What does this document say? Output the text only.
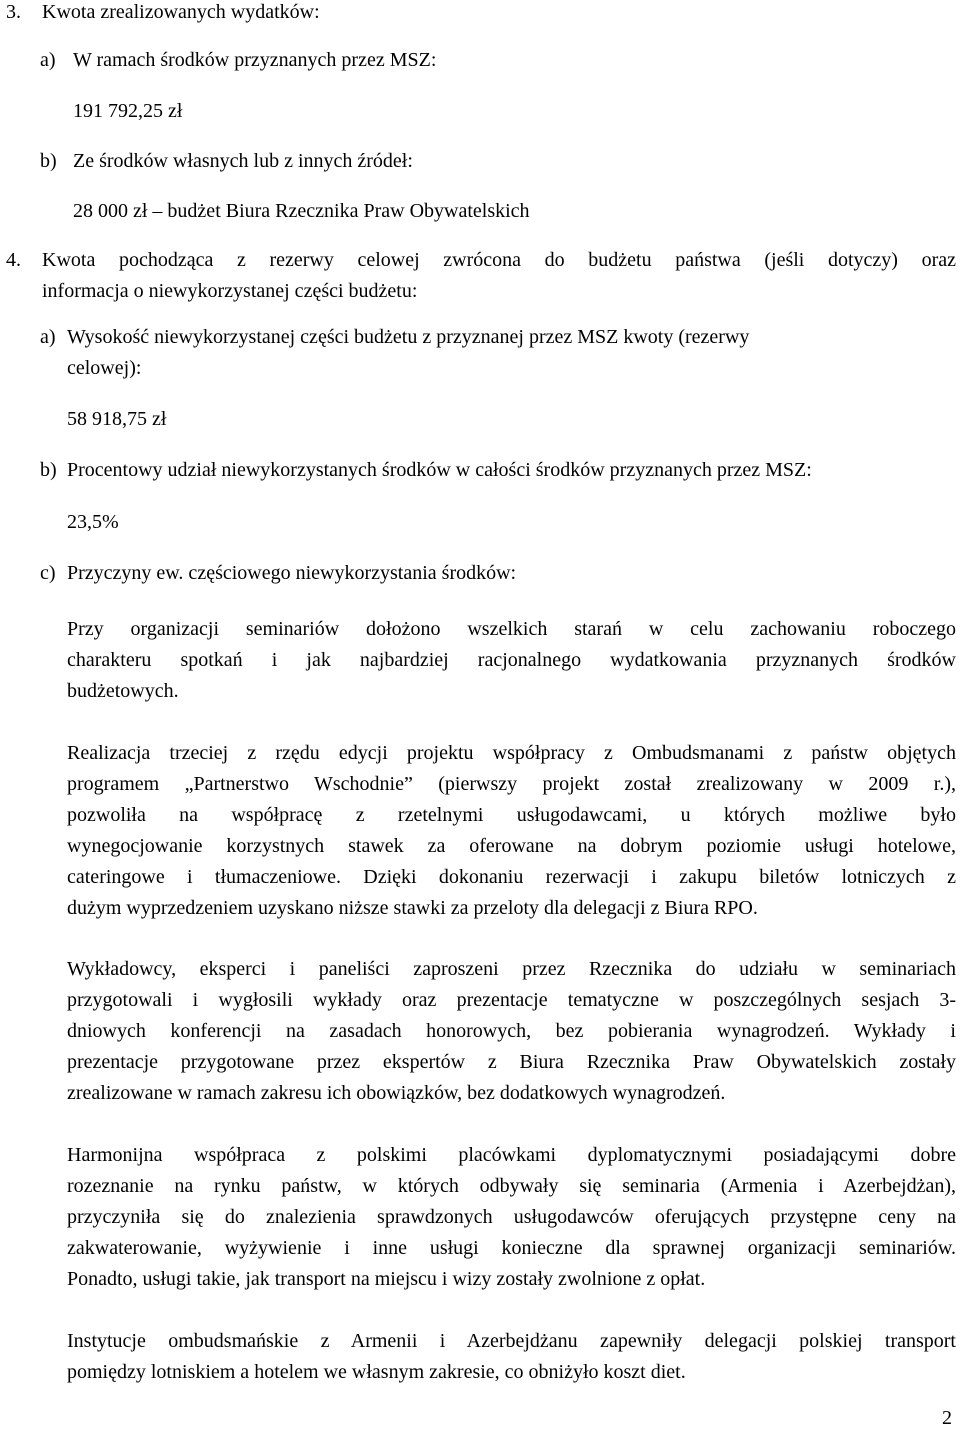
3. Kwota zrealizowanych wydatków:
a) W ramach środków przyznanych przez MSZ:
191 792,25 zł
b) Ze środków własnych lub z innych źródeł:
28 000 zł – budżet Biura Rzecznika Praw Obywatelskich
4. Kwota pochodząca z rezerwy celowej zwrócona do budżetu państwa (jeśli dotyczy) oraz
informacja o niewykorzystanej części budżetu:
a) Wysokość niewykorzystanej części budżetu z przyznanej przez MSZ kwoty (rezerwy
celowej):
58 918,75 zł
b) Procentowy udział niewykorzystanych środków w całości środków przyznanych przez MSZ:
23,5%
c) Przyczyny ew. częściowego niewykorzystania środków:
Przy organizacji seminariów dołożono wszelkich starań w celu zachowaniu roboczego
charakteru spotkań i jak najbardziej racjonalnego wydatkowania przyznanych środków
budżetowych.
Realizacja trzeciej z rzędu edycji projektu współpracy z Ombudsmanami z państw objętych
programem „Partnerstwo Wschodnie” (pierwszy projekt został zrealizowany w 2009 r.),
pozwoliła na współpracę z rzetelnymi usługodawcami, u których możliwe było
wynegocjowanie korzystnych stawek za oferowane na dobrym poziomie usługi hotelowe,
cateringowe i tłumaczeniowe. Dzięki dokonaniu rezerwacji i zakupu biletów lotniczych z
dużym wyprzedzeniem uzyskano niższe stawki za przeloty dla delegacji z Biura RPO.
Wykładowcy, eksperci i paneliści zaproszeni przez Rzecznika do udziału w seminariach
przygotowali i wygłosili wykłady oraz prezentacje tematyczne w poszczególnych sesjach 3-
dniowych konferencji na zasadach honorowych, bez pobierania wynagrodzeń. Wykłady i
prezentacje przygotowane przez ekspertów z Biura Rzecznika Praw Obywatelskich zostały
zrealizowane w ramach zakresu ich obowiązków, bez dodatkowych wynagrodzeń.
Harmonijna współpraca z polskimi placówkami dyplomatycznymi posiadającymi dobre
rozeznanie na rynku państw, w których odbywały się seminaria (Armenia i Azerbejdżan),
przyczyniła się do znalezienia sprawdzonych usługodawców oferujących przystępne ceny na
zakwaterowanie, wyżywienie i inne usługi konieczne dla sprawnej organizacji seminariów.
Ponadto, usługi takie, jak transport na miejscu i wizy zostały zwolnione z opłat.
Instytucje ombudsmańskie z Armenii i Azerbejdżanu zapewniły delegacji polskiej transport
pomiędzy lotniskiem a hotelem we własnym zakresie, co obniżyło koszt diet.
2
